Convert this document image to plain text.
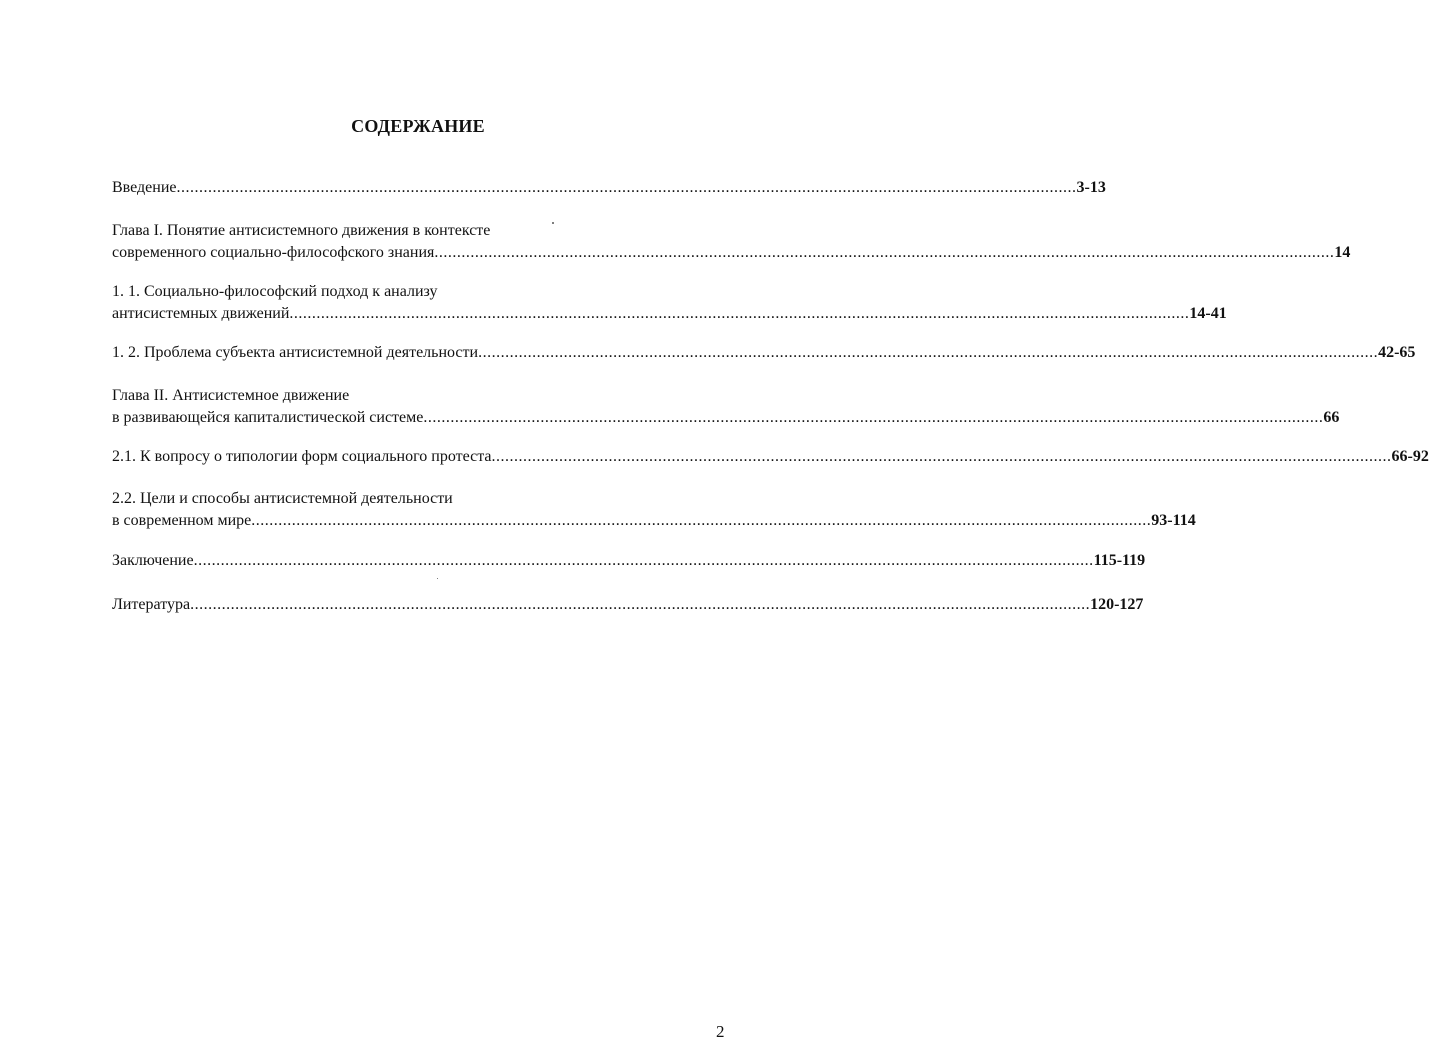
СОДЕРЖАНИЕ
Введение ........................................................................................................................................................................................................ 3-13
Глава I. Понятие антисистемного движения в контексте
современного социально-философского знания ........................................................................................................................................................................................................ 14
1. 1. Социально-философский подход к анализу
антисистемных движений ........................................................................................................................................................................................................ 14-41
1. 2. Проблема субъекта антисистемной деятельности ........................................................................................................................................................................................................ 42-65
Глава II. Антисистемное движение
в развивающейся капиталистической системе ........................................................................................................................................................................................................ 66
2.1. К вопросу о типологии форм социального протеста ........................................................................................................................................................................................................ 66-92
2.2. Цели и способы антисистемной деятельности
в современном мире ........................................................................................................................................................................................................ 93-114
Заключение ........................................................................................................................................................................................................ 115-119
Литература ........................................................................................................................................................................................................ 120-127
2
